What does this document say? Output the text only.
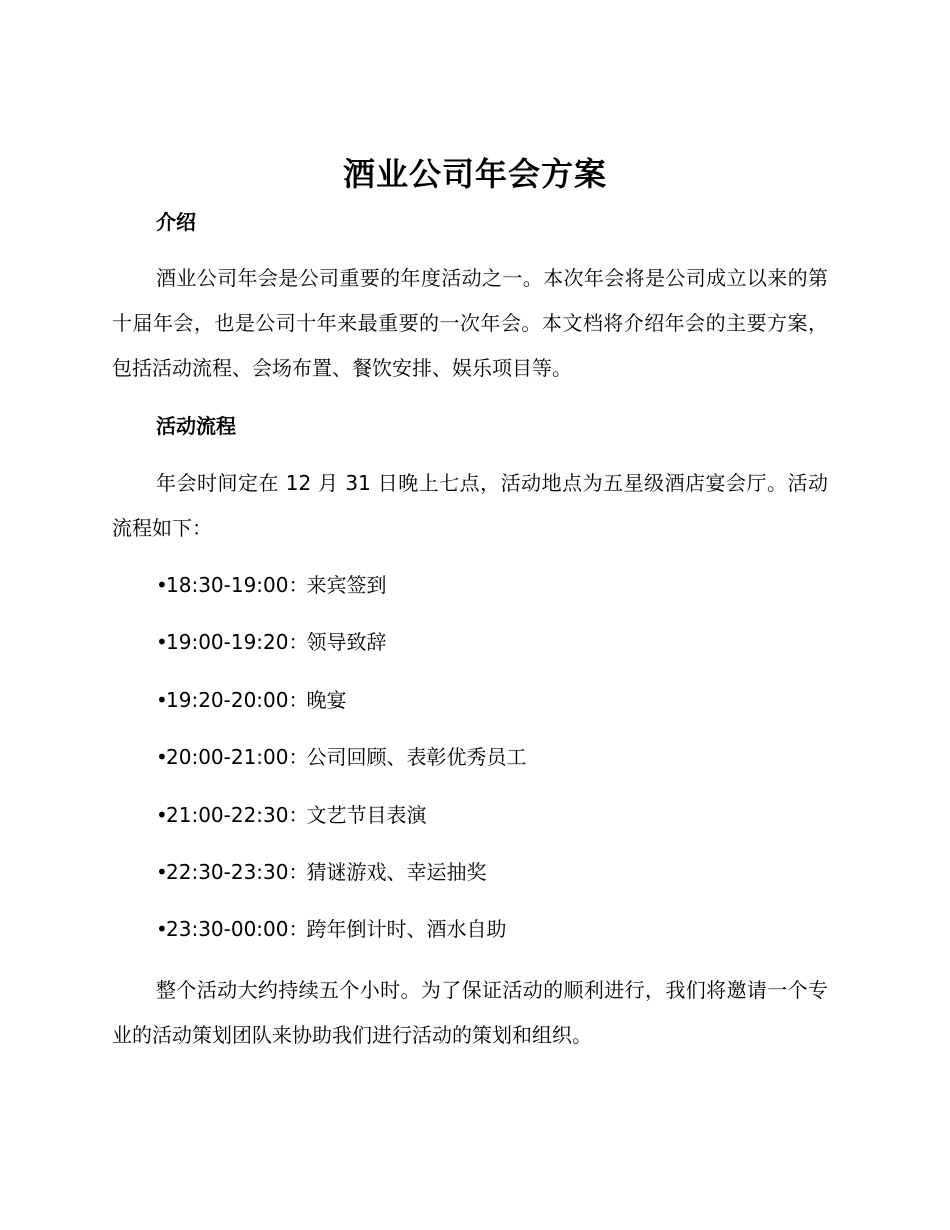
酒业公司年会方案
介绍

酒业公司年会是公司重要的年度活动之一。本次年会将是公司成立以来的第十届年会，也是公司十年来最重要的一次年会。本文档将介绍年会的主要方案，包括活动流程、会场布置、餐饮安排、娱乐项目等。

活动流程

年会时间定在 12 月 31 日晚上七点，活动地点为五星级酒店宴会厅。活动流程如下：

•18:30-19:00：来宾签到
•19:00-19:20：领导致辞
•19:20-20:00：晚宴
•20:00-21:00：公司回顾、表彰优秀员工
•21:00-22:30：文艺节目表演
•22:30-23:30：猜谜游戏、幸运抽奖
•23:30-00:00：跨年倒计时、酒水自助

整个活动大约持续五个小时。为了保证活动的顺利进行，我们将邀请一个专业的活动策划团队来协助我们进行活动的策划和组织。
